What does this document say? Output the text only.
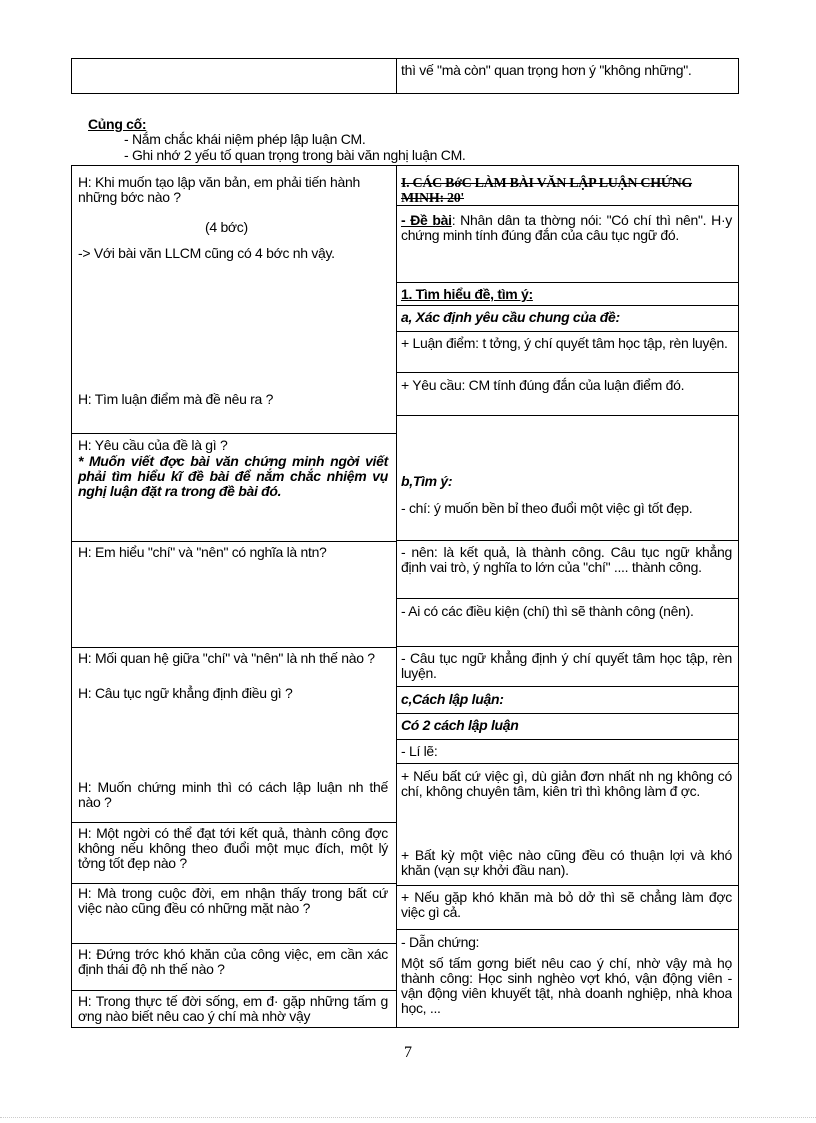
thì vế "mà còn" quan trọng hơn ý "không những".
Củng cố:
- Nắm chắc khái niệm phép lập luận CM.
- Ghi nhớ 2 yếu tố quan trọng trong bài văn nghị luận CM.
H: Khi muốn tạo lập văn bản, em phải tiến hành những bớc nào ?
(4 bớc)
-> Với bài văn LLCM cũng có 4 bớc nh vậy.
H: Tìm luận điểm mà đề nêu ra ?
H: Yêu cầu của đề là gì ?
* Muốn viết đợc bài văn chứng minh ngời viết phải tìm hiểu kĩ đề bài để nắm chắc nhiệm vụ nghị luận đặt ra trong đề bài đó.
H: Em hiểu "chí" và "nên" có nghĩa là ntn?
H: Mối quan hệ giữa "chí" và "nên" là nh thế nào ?
H: Câu tục ngữ khẳng định điều gì ?
H: Muốn chứng minh thì có cách lập luận nh thế nào ?
H: Một ngời có thể đạt tới kết quả, thành công đợc không nếu không theo đuổi một mục đích, một lý tởng tốt đẹp nào ?
H: Mà trong cuộc đời, em nhận thấy trong bất cứ việc nào cũng đều có những mặt nào ?
H: Đứng trớc khó khăn của công việc, em cần xác định thái độ nh thế nào ?
H: Trong thực tế đời sống, em đ· gặp những tấm g ơng nào biết nêu cao ý chí mà nhờ vậy
I. CÁC BớC LÀM BÀI VĂN LẬP LUẬN CHỨNG MINH: 20'
- Đề bài: Nhân dân ta thờng nói: "Có chí thì nên". H·y chứng minh tính đúng đắn của câu tục ngữ đó.
1. Tìm hiểu đề, tìm ý:
a, Xác định yêu cầu chung của đề:
+ Luận điểm: t tởng, ý chí quyết tâm học tập, rèn luyện.
+ Yêu cầu: CM tính đúng đắn của luận điểm đó.
b,Tìm ý:
- chí: ý muốn bền bỉ theo đuổi một việc gì tốt đẹp.
- nên: là kết quả, là thành công. Câu tục ngữ khẳng định vai trò, ý nghĩa to lớn của "chí" .... thành công.
- Ai có các điều kiện (chí) thì sẽ thành công (nên).
- Câu tục ngữ khẳng định ý chí quyết tâm học tập, rèn luyện.
c,Cách lập luận:
Có 2 cách lập luận
- Lí lẽ:
+ Nếu bất cứ việc gì, dù giản đơn nhất nh ng không có chí, không chuyên tâm, kiên trì thì không làm đ ợc.
+ Bất kỳ một việc nào cũng đều có thuận lợi và khó khăn (vạn sự khởi đầu nan).
+ Nếu gặp khó khăn mà bỏ dở thì sẽ chẳng làm đợc việc gì cả.
- Dẫn chứng:
Một số tấm gơng biết nêu cao ý chí, nhờ vậy mà họ thành công: Học sinh nghèo vợt khó, vận động viên - vận động viên khuyết tật, nhà doanh nghiệp, nhà khoa học, ...
7
